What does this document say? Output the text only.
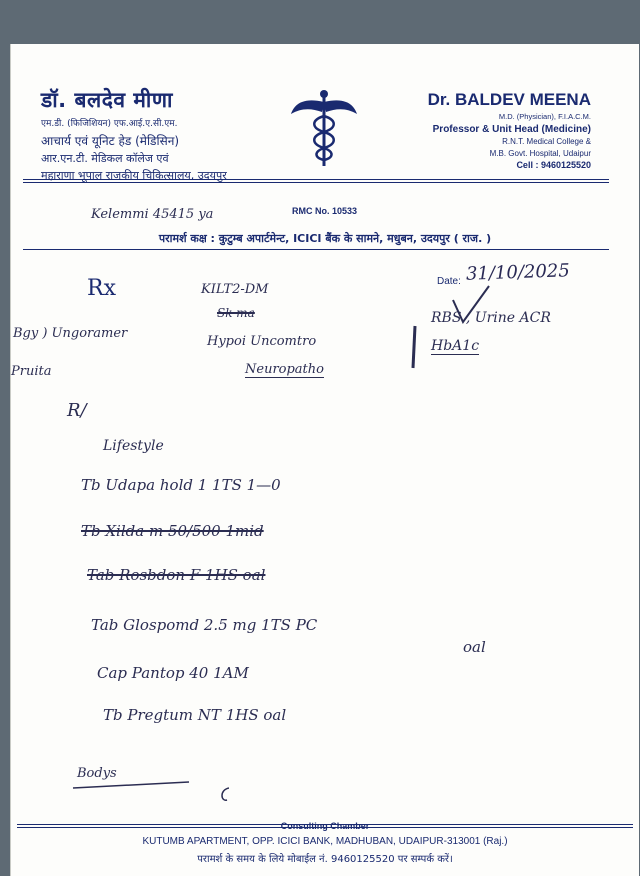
डॉ. बलदेव मीणा
एम.डी. (फिजिशियन) एफ.आई.ए.सी.एम.
आचार्य एवं यूनिट हेड (मेडिसिन)
आर.एन.टी. मेडिकल कॉलेज एवं
महाराणा भूपाल राजकीय चिकित्सालय, उदयपुर
RMC No. 10533
Dr. BALDEV MEENA
M.D. (Physician), F.I.A.C.M.
Professor & Unit Head (Medicine)
R.N.T. Medical College &
M.B. Govt. Hospital, Udaipur
Cell : 9460125520
परामर्श कक्ष : कुटुम्ब अपार्टमेन्ट, ICICI बैंक के सामने, मधुबन, उदयपुर ( राज. )
Kelemmi 45415 ya
Date: 31/10/2025
Rx	KILT2-DM
Sk ma
Hypoi Uncomtro
Neuropatho
Bgy ) Ungoramer
Pruita
RBS , Urine ACR
HbA1c
R/
Lifestyle
Tb Udapa hold 1 1TS 1—0
Tb Xilda m 50/500 1mid
Tab Rosbdon F 1HS oal
Tab Glospomd 2.5 mg 1TS PC
oal
Cap Pantop 40 1AM
Tb Pregtum NT 1HS oal
Bodys
Consulting Chamber
KUTUMB APARTMENT, OPP. ICICI BANK, MADHUBAN, UDAIPUR-313001 (Raj.)
परामर्श के समय के लिये मोबाईल नं. 9460125520 पर सम्पर्क करें।
